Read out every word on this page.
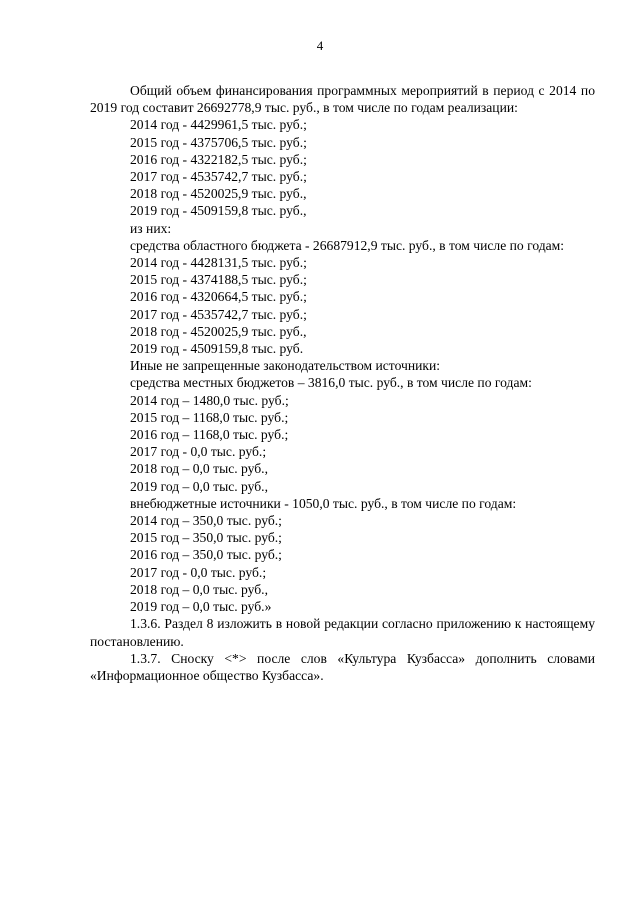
4

Общий объем финансирования программных мероприятий в период с 2014 по 2019 год составит 26692778,9 тыс. руб., в том числе по годам реализации:

2014 год - 4429961,5 тыс. руб.;

2015 год - 4375706,5 тыс. руб.;

2016 год - 4322182,5 тыс. руб.;

2017 год - 4535742,7 тыс. руб.;

2018 год - 4520025,9 тыс. руб.,

2019 год - 4509159,8 тыс. руб.,

из них:

средства областного бюджета - 26687912,9 тыс. руб., в том числе по годам:

2014 год - 4428131,5 тыс. руб.;

2015 год - 4374188,5 тыс. руб.;

2016 год - 4320664,5 тыс. руб.;

2017 год - 4535742,7 тыс. руб.;

2018 год - 4520025,9 тыс. руб.,

2019 год - 4509159,8 тыс. руб.

Иные не запрещенные законодательством источники:

средства местных бюджетов – 3816,0 тыс. руб., в том числе по годам:

2014 год – 1480,0 тыс. руб.;

2015 год – 1168,0 тыс. руб.;

2016 год – 1168,0 тыс. руб.;

2017 год - 0,0 тыс. руб.;

2018 год – 0,0 тыс. руб.,

2019 год – 0,0 тыс. руб.,

внебюджетные источники - 1050,0 тыс. руб., в том числе по годам:

2014 год – 350,0 тыс. руб.;

2015 год – 350,0 тыс. руб.;

2016 год – 350,0 тыс. руб.;

2017 год - 0,0 тыс. руб.;

2018 год – 0,0 тыс. руб.,

2019 год – 0,0 тыс. руб.»

1.3.6. Раздел 8 изложить в новой редакции согласно приложению к настоящему постановлению.

1.3.7. Сноску <*> после слов «Культура Кузбасса» дополнить словами «Информационное общество Кузбасса».
